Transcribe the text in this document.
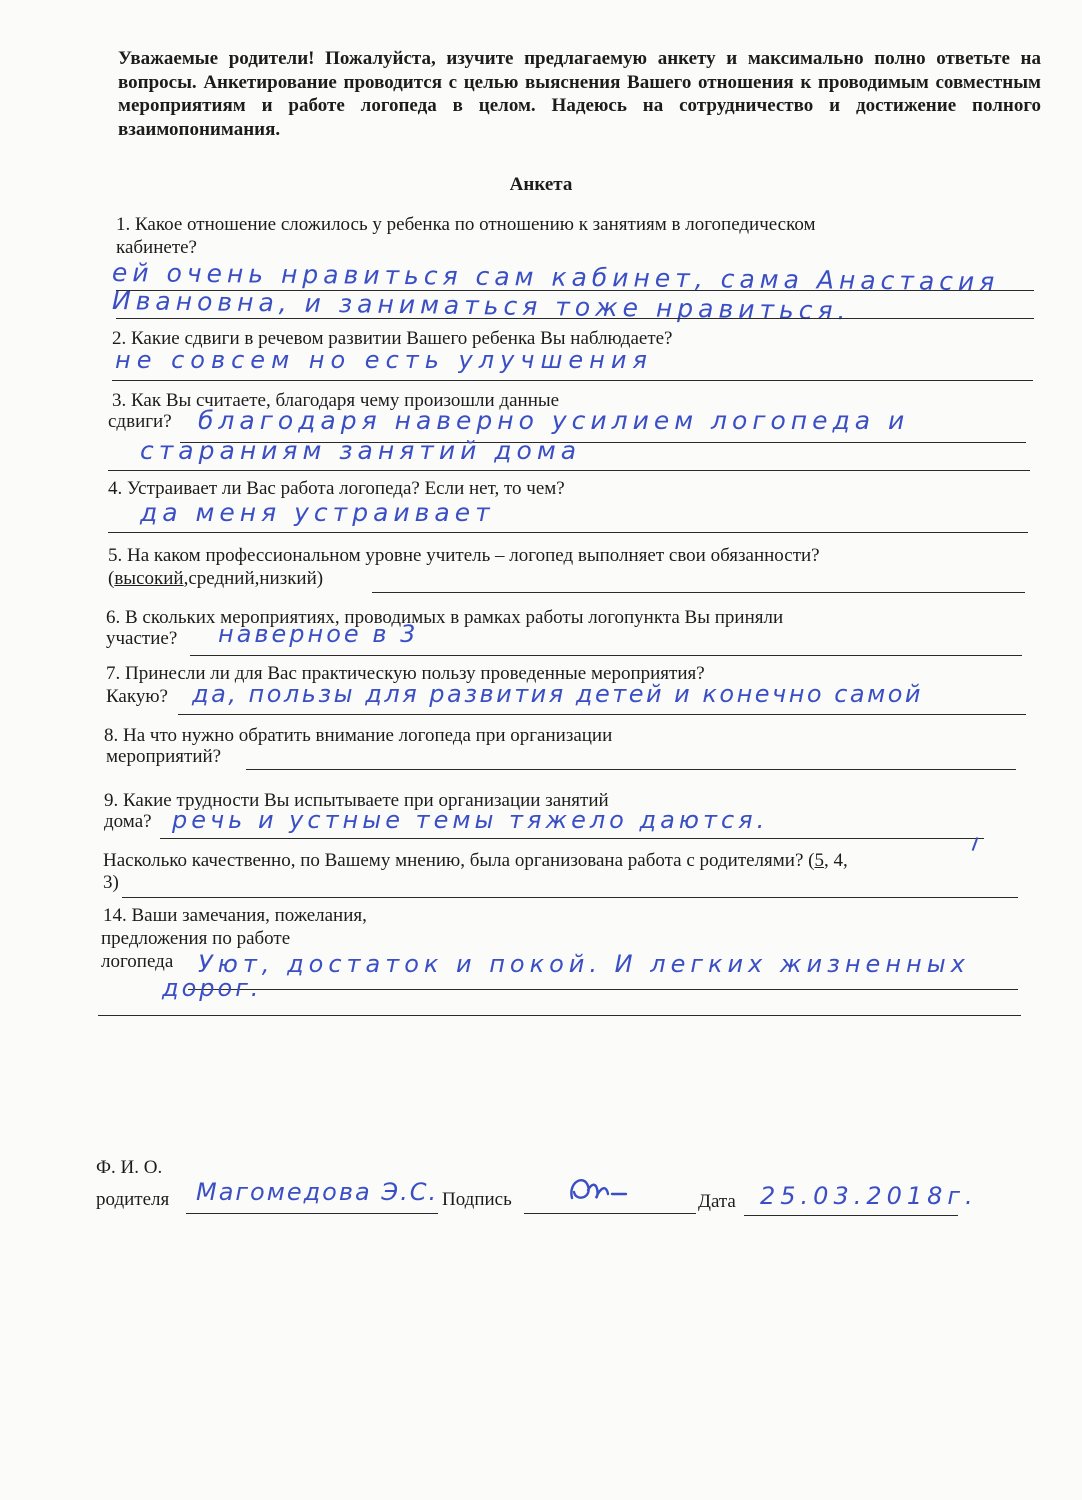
Уважаемые родители! Пожалуйста, изучите предлагаемую анкету и максимально полно ответьте на вопросы. Анкетирование проводится с целью выяснения Вашего отношения к проводимым совместным мероприятиям и работе логопеда в целом. Надеюсь на сотрудничество и достижение полного взаимопонимания.
Анкета
1. Какое отношение сложилось у ребенка по отношению к занятиям в логопедическом
кабинете?
ей очень нравиться сам кабинет, сама Анастасия
Ивановна, и заниматься тоже нравиться.
2. Какие сдвиги в речевом развитии Вашего ребенка Вы наблюдаете?
не совсем но есть улучшения
3. Как Вы считаете, благодаря чему произошли данные
сдвиги? благодаря наверно усилием логопеда и
стараниям занятий дома
4. Устраивает ли Вас работа логопеда? Если нет, то чем?
да меня устраивает
5. На каком профессиональном уровне учитель – логопед выполняет свои обязанности?
(высокий,средний,низкий)
6. В скольких мероприятиях, проводимых в рамках работы логопункта Вы приняли
участие? наверное в 3
7. Принесли ли для Вас практическую пользу проведенные мероприятия?
Какую? да, пользы для развития детей и конечно самой
8. На что нужно обратить внимание логопеда при организации
мероприятий?
9. Какие трудности Вы испытываете при организации занятий
дома? речь и устные темы тяжело даются.
Насколько качественно, по Вашему мнению, была организована работа с родителями? (5, 4,
3)
14. Ваши замечания, пожелания,
предложения по работе
логопеда Уют, достаток и покой. И легких жизненных
дорог.
Ф. И. О.
родителя Магомедова Э.С. Подпись	Дата 25.03.2018г.
